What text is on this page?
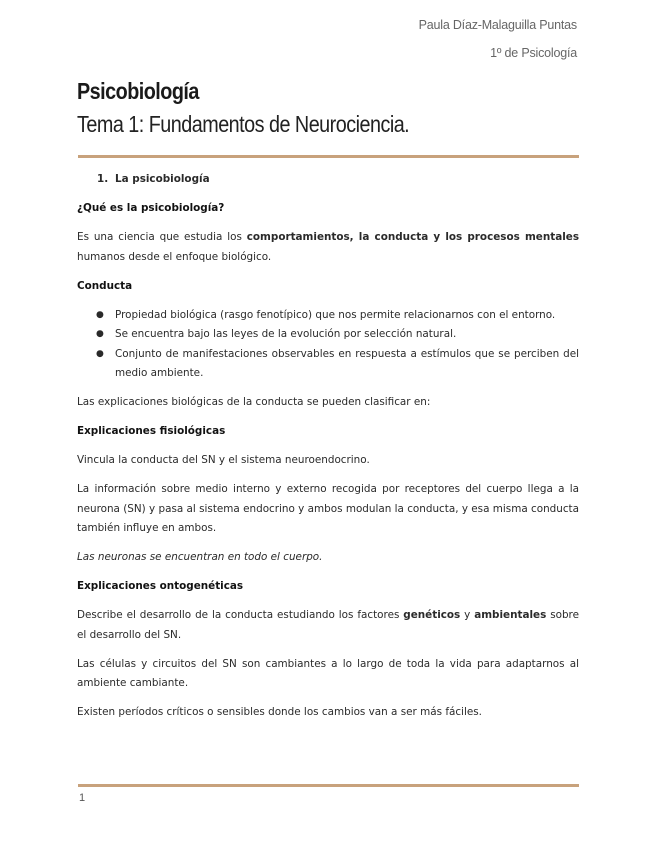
Paula Díaz-Malaguilla Puntas
1º de Psicología
Psicobiología
Tema 1: Fundamentos de Neurociencia.

1. La psicobiología

¿Qué es la psicobiología?

Es una ciencia que estudia los comportamientos, la conducta y los procesos mentales humanos desde el enfoque biológico.

Conducta

● Propiedad biológica (rasgo fenotípico) que nos permite relacionarnos con el entorno.
● Se encuentra bajo las leyes de la evolución por selección natural.
● Conjunto de manifestaciones observables en respuesta a estímulos que se perciben del medio ambiente.

Las explicaciones biológicas de la conducta se pueden clasificar en:

Explicaciones fisiológicas

Vincula la conducta del SN y el sistema neuroendocrino.

La información sobre medio interno y externo recogida por receptores del cuerpo llega a la neurona (SN) y pasa al sistema endocrino y ambos modulan la conducta, y esa misma conducta también influye en ambos.

Las neuronas se encuentran en todo el cuerpo.

Explicaciones ontogenéticas

Describe el desarrollo de la conducta estudiando los factores genéticos y ambientales sobre el desarrollo del SN.

Las células y circuitos del SN son cambiantes a lo largo de toda la vida para adaptarnos al ambiente cambiante.

Existen períodos críticos o sensibles donde los cambios van a ser más fáciles.

1
